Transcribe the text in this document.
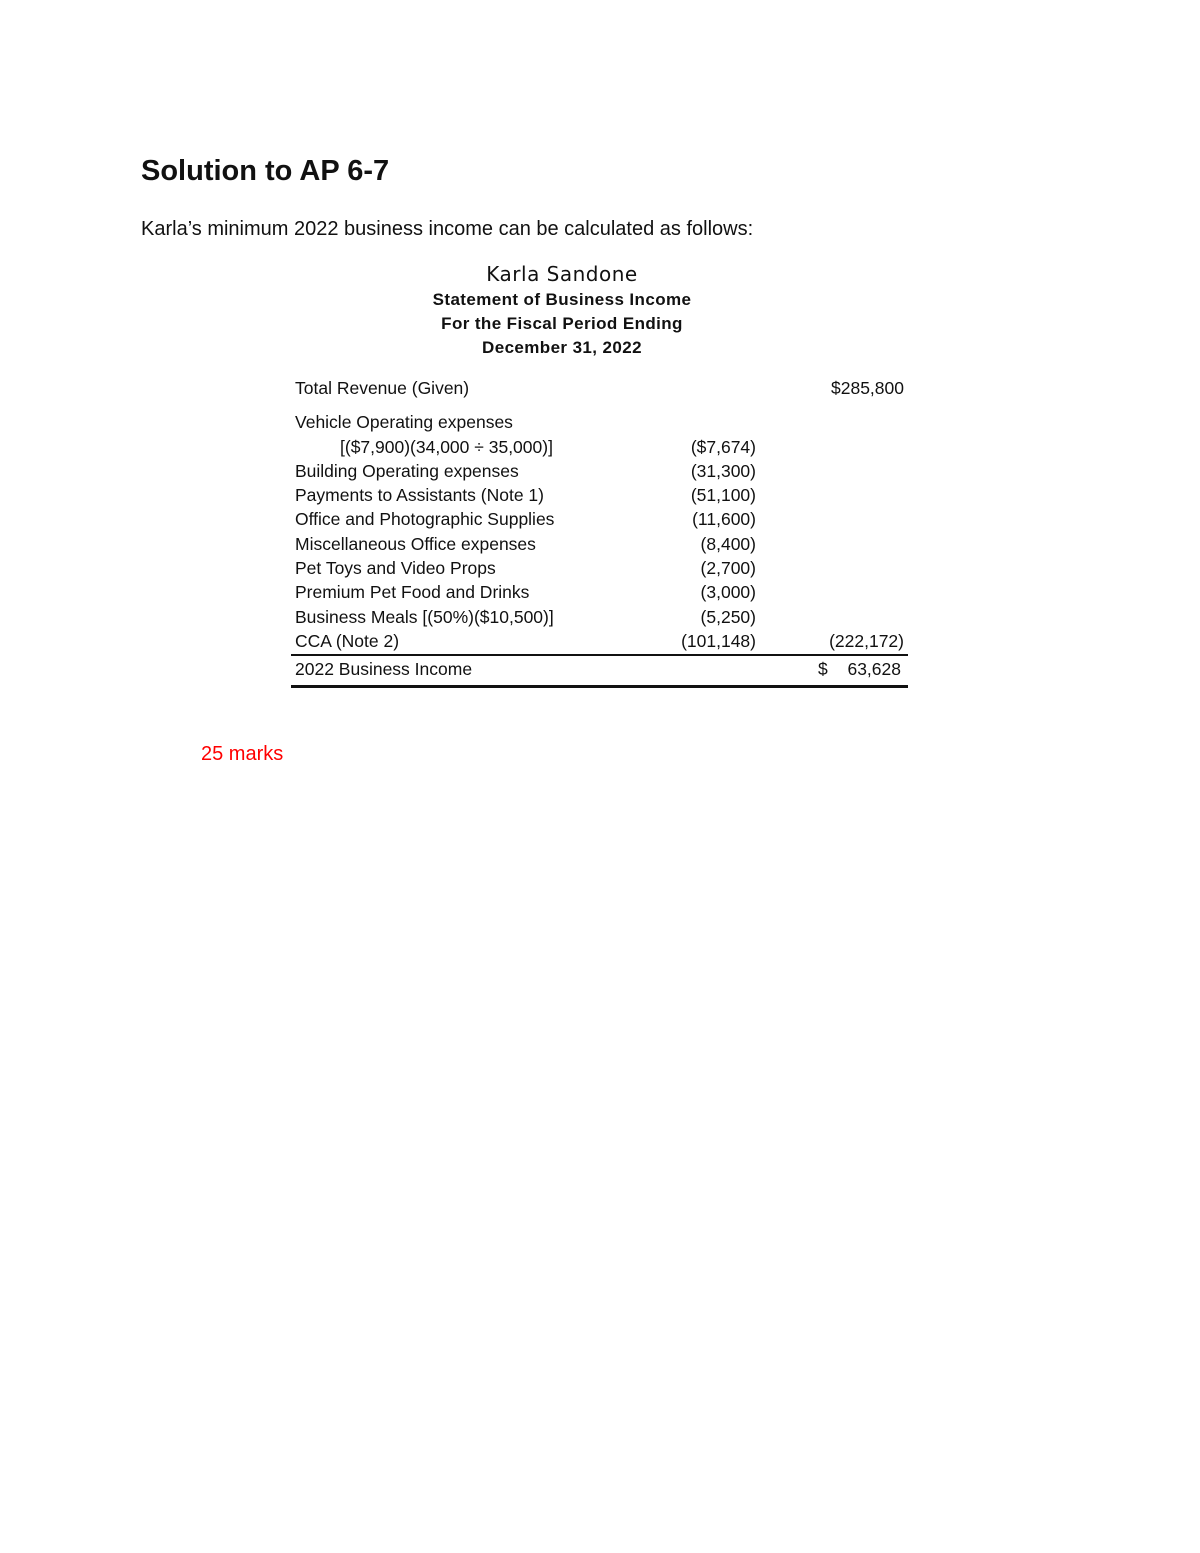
Solution to AP 6-7
Karla’s minimum 2022 business income can be calculated as follows:
Karla Sandone
Statement of Business Income
For the Fiscal Period Ending
December 31, 2022
Total Revenue (Given)	$285,800
Vehicle Operating expenses
[($7,900)(34,000 ÷ 35,000)]	($7,674)
Building Operating expenses	(31,300)
Payments to Assistants (Note 1)	(51,100)
Office and Photographic Supplies	(11,600)
Miscellaneous Office expenses	(8,400)
Pet Toys and Video Props	(2,700)
Premium Pet Food and Drinks	(3,000)
Business Meals [(50%)($10,500)]	(5,250)
CCA (Note 2)	(101,148)	(222,172)
2022 Business Income	$ 63,628
25 marks
